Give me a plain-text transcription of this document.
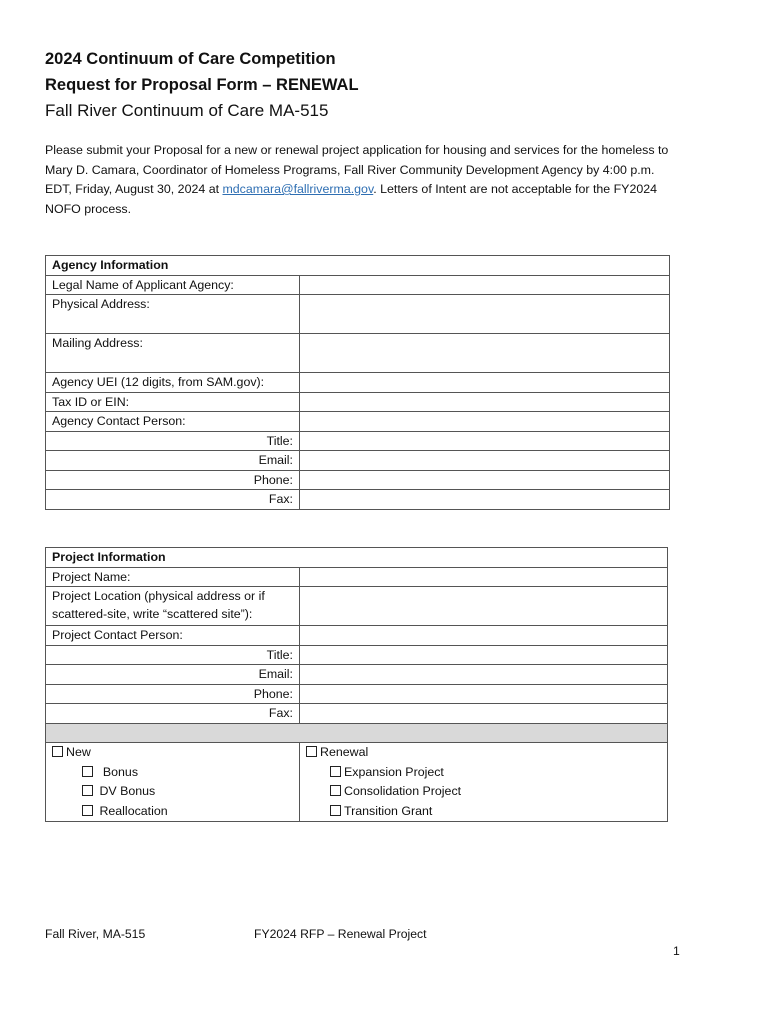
2024 Continuum of Care Competition
Request for Proposal Form – RENEWAL
Fall River Continuum of Care MA-515
Please submit your Proposal for a new or renewal project application for housing and services for the homeless to Mary D. Camara, Coordinator of Homeless Programs, Fall River Community Development Agency by 4:00 p.m. EDT, Friday, August 30, 2024 at mdcamara@fallriverma.gov. Letters of Intent are not acceptable for the FY2024 NOFO process.
Agency Information	
Legal Name of Applicant Agency:	
Physical Address:	
Mailing Address:	
Agency UEI (12 digits, from SAM.gov):	
Tax ID or EIN:	
Agency Contact Person:	
Title:	
Email:	
Phone:	
Fax:	
Project Information	
Project Name:	

Project Location (physical address or if
scattered-site, write “scattered site”):	

Project Contact Person:	
Title:	
Email:	
Phone:	
Fax:	

New	Renewal
Bonus	Expansion Project
DV Bonus	Consolidation Project
Reallocation	Transition Grant
Fall River, MA-515	FY2024 RFP – Renewal Project
1
